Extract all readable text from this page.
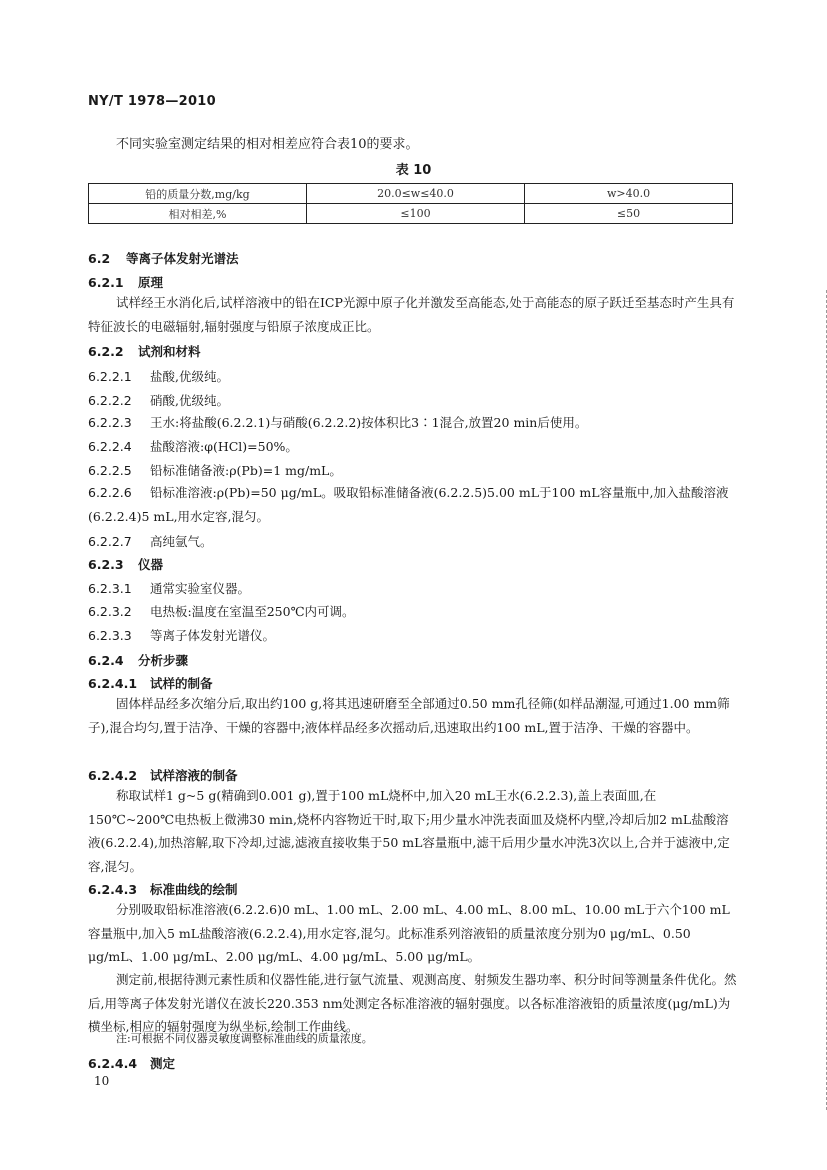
NY/T 1978—2010
不同实验室测定结果的相对相差应符合表10的要求。
表 10
铅的质量分数,mg/kg	20.0≤w≤40.0	w>40.0
相对相差,%	≤100	≤50
6.2 等离子体发射光谱法
6.2.1 原理
试样经王水消化后,试样溶液中的铅在ICP光源中原子化并激发至高能态,处于高能态的原子跃迁至基态时产生具有特征波长的电磁辐射,辐射强度与铅原子浓度成正比。
6.2.2 试剂和材料
6.2.2.1 盐酸,优级纯。
6.2.2.2 硝酸,优级纯。
6.2.2.3 王水:将盐酸(6.2.2.1)与硝酸(6.2.2.2)按体积比3∶1混合,放置20 min后使用。
6.2.2.4 盐酸溶液:φ(HCl)=50%。
6.2.2.5 铅标准储备液:ρ(Pb)=1 mg/mL。
6.2.2.6 铅标准溶液:ρ(Pb)=50 μg/mL。吸取铅标准储备液(6.2.2.5)5.00 mL于100 mL容量瓶中,加入盐酸溶液(6.2.2.4)5 mL,用水定容,混匀。
6.2.2.7 高纯氩气。
6.2.3 仪器
6.2.3.1 通常实验室仪器。
6.2.3.2 电热板:温度在室温至250℃内可调。
6.2.3.3 等离子体发射光谱仪。
6.2.4 分析步骤
6.2.4.1 试样的制备
固体样品经多次缩分后,取出约100 g,将其迅速研磨至全部通过0.50 mm孔径筛(如样品潮湿,可通过1.00 mm筛子),混合均匀,置于洁净、干燥的容器中;液体样品经多次摇动后,迅速取出约100 mL,置于洁净、干燥的容器中。
6.2.4.2 试样溶液的制备
称取试样1 g~5 g(精确到0.001 g),置于100 mL烧杯中,加入20 mL王水(6.2.2.3),盖上表面皿,在150℃~200℃电热板上微沸30 min,烧杯内容物近干时,取下;用少量水冲洗表面皿及烧杯内壁,冷却后加2 mL盐酸溶液(6.2.2.4),加热溶解,取下冷却,过滤,滤液直接收集于50 mL容量瓶中,滤干后用少量水冲洗3次以上,合并于滤液中,定容,混匀。
6.2.4.3 标准曲线的绘制
分别吸取铅标准溶液(6.2.2.6)0 mL、1.00 mL、2.00 mL、4.00 mL、8.00 mL、10.00 mL于六个100 mL容量瓶中,加入5 mL盐酸溶液(6.2.2.4),用水定容,混匀。此标准系列溶液铅的质量浓度分别为0 μg/mL、0.50 μg/mL、1.00 μg/mL、2.00 μg/mL、4.00 μg/mL、5.00 μg/mL。
测定前,根据待测元素性质和仪器性能,进行氩气流量、观测高度、射频发生器功率、积分时间等测量条件优化。然后,用等离子体发射光谱仪在波长220.353 nm处测定各标准溶液的辐射强度。以各标准溶液铅的质量浓度(μg/mL)为横坐标,相应的辐射强度为纵坐标,绘制工作曲线。
注:可根据不同仪器灵敏度调整标准曲线的质量浓度。
6.2.4.4 测定
10
